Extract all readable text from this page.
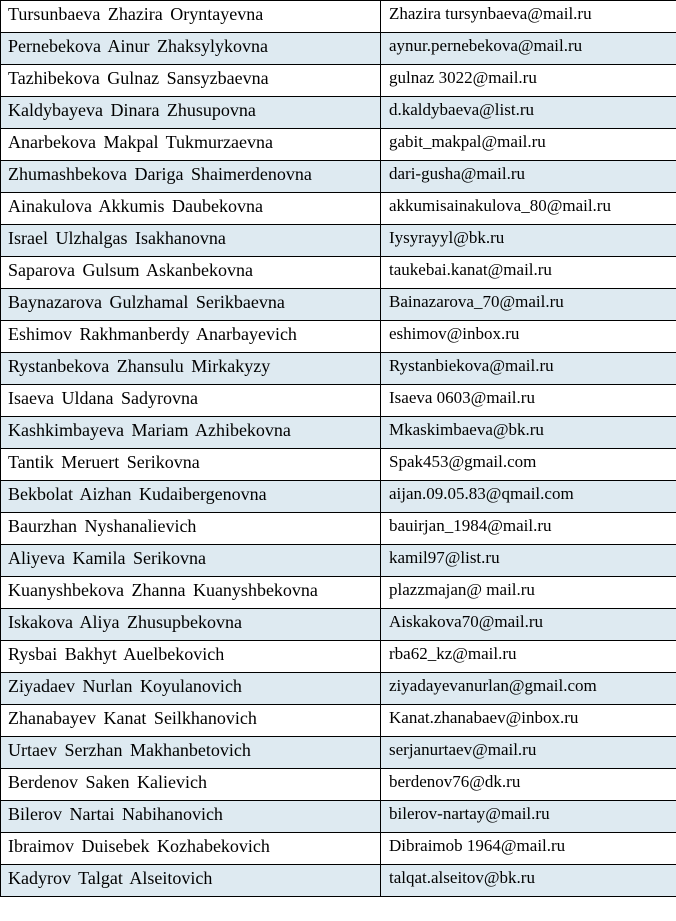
Tursunbaeva Zhazira Oryntayevna	Zhazira tursynbaeva@mail.ru
Pernebekova Ainur Zhaksylykovna	aynur.pernebekova@mail.ru
Tazhibekova Gulnaz Sansyzbaevna	gulnaz 3022@mail.ru
Kaldybayeva Dinara Zhusupovna	d.kaldybaeva@list.ru
Anarbekova Makpal Tukmurzaevna	gabit_makpal@mail.ru
Zhumashbekova Dariga Shaimerdenovna	dari-gusha@mail.ru
Ainakulova Akkumis Daubekovna	akkumisainakulova_80@mail.ru
Israel Ulzhalgas Isakhanovna	Iysyrayyl@bk.ru
Saparova Gulsum Askanbekovna	taukebai.kanat@mail.ru
Baynazarova Gulzhamal Serikbaevna	Bainazarova_70@mail.ru
Eshimov Rakhmanberdy Anarbayevich	eshimov@inbox.ru
Rystanbekova Zhansulu Mirkakyzy	Rystanbiekova@mail.ru
Isaeva Uldana Sadyrovna	Isaeva 0603@mail.ru
Kashkimbayeva Mariam Azhibekovna	Mkaskimbaeva@bk.ru
Tantik Meruert Serikovna	Spak453@gmail.com
Bekbolat Aizhan Kudaibergenovna	aijan.09.05.83@qmail.com
Baurzhan Nyshanalievich	bauirjan_1984@mail.ru
Aliyeva Kamila Serikovna	kamil97@list.ru
Kuanyshbekova Zhanna Kuanyshbekovna	plazzmajan@ mail.ru
Iskakova Aliya Zhusupbekovna	Aiskakova70@mail.ru
Rysbai Bakhyt Auelbekovich	rba62_kz@mail.ru
Ziyadaev Nurlan Koyulanovich	ziyadayevanurlan@gmail.com
Zhanabayev Kanat Seilkhanovich	Kanat.zhanabaev@inbox.ru
Urtaev Serzhan Makhanbetovich	serjanurtaev@mail.ru
Berdenov Saken Kalievich	berdenov76@dk.ru
Bilerov Nartai Nabihanovich	bilerov-nartay@mail.ru
Ibraimov Duisebek Kozhabekovich	Dibraimob 1964@mail.ru
Kadyrov Talgat Alseitovich	talqat.alseitov@bk.ru
